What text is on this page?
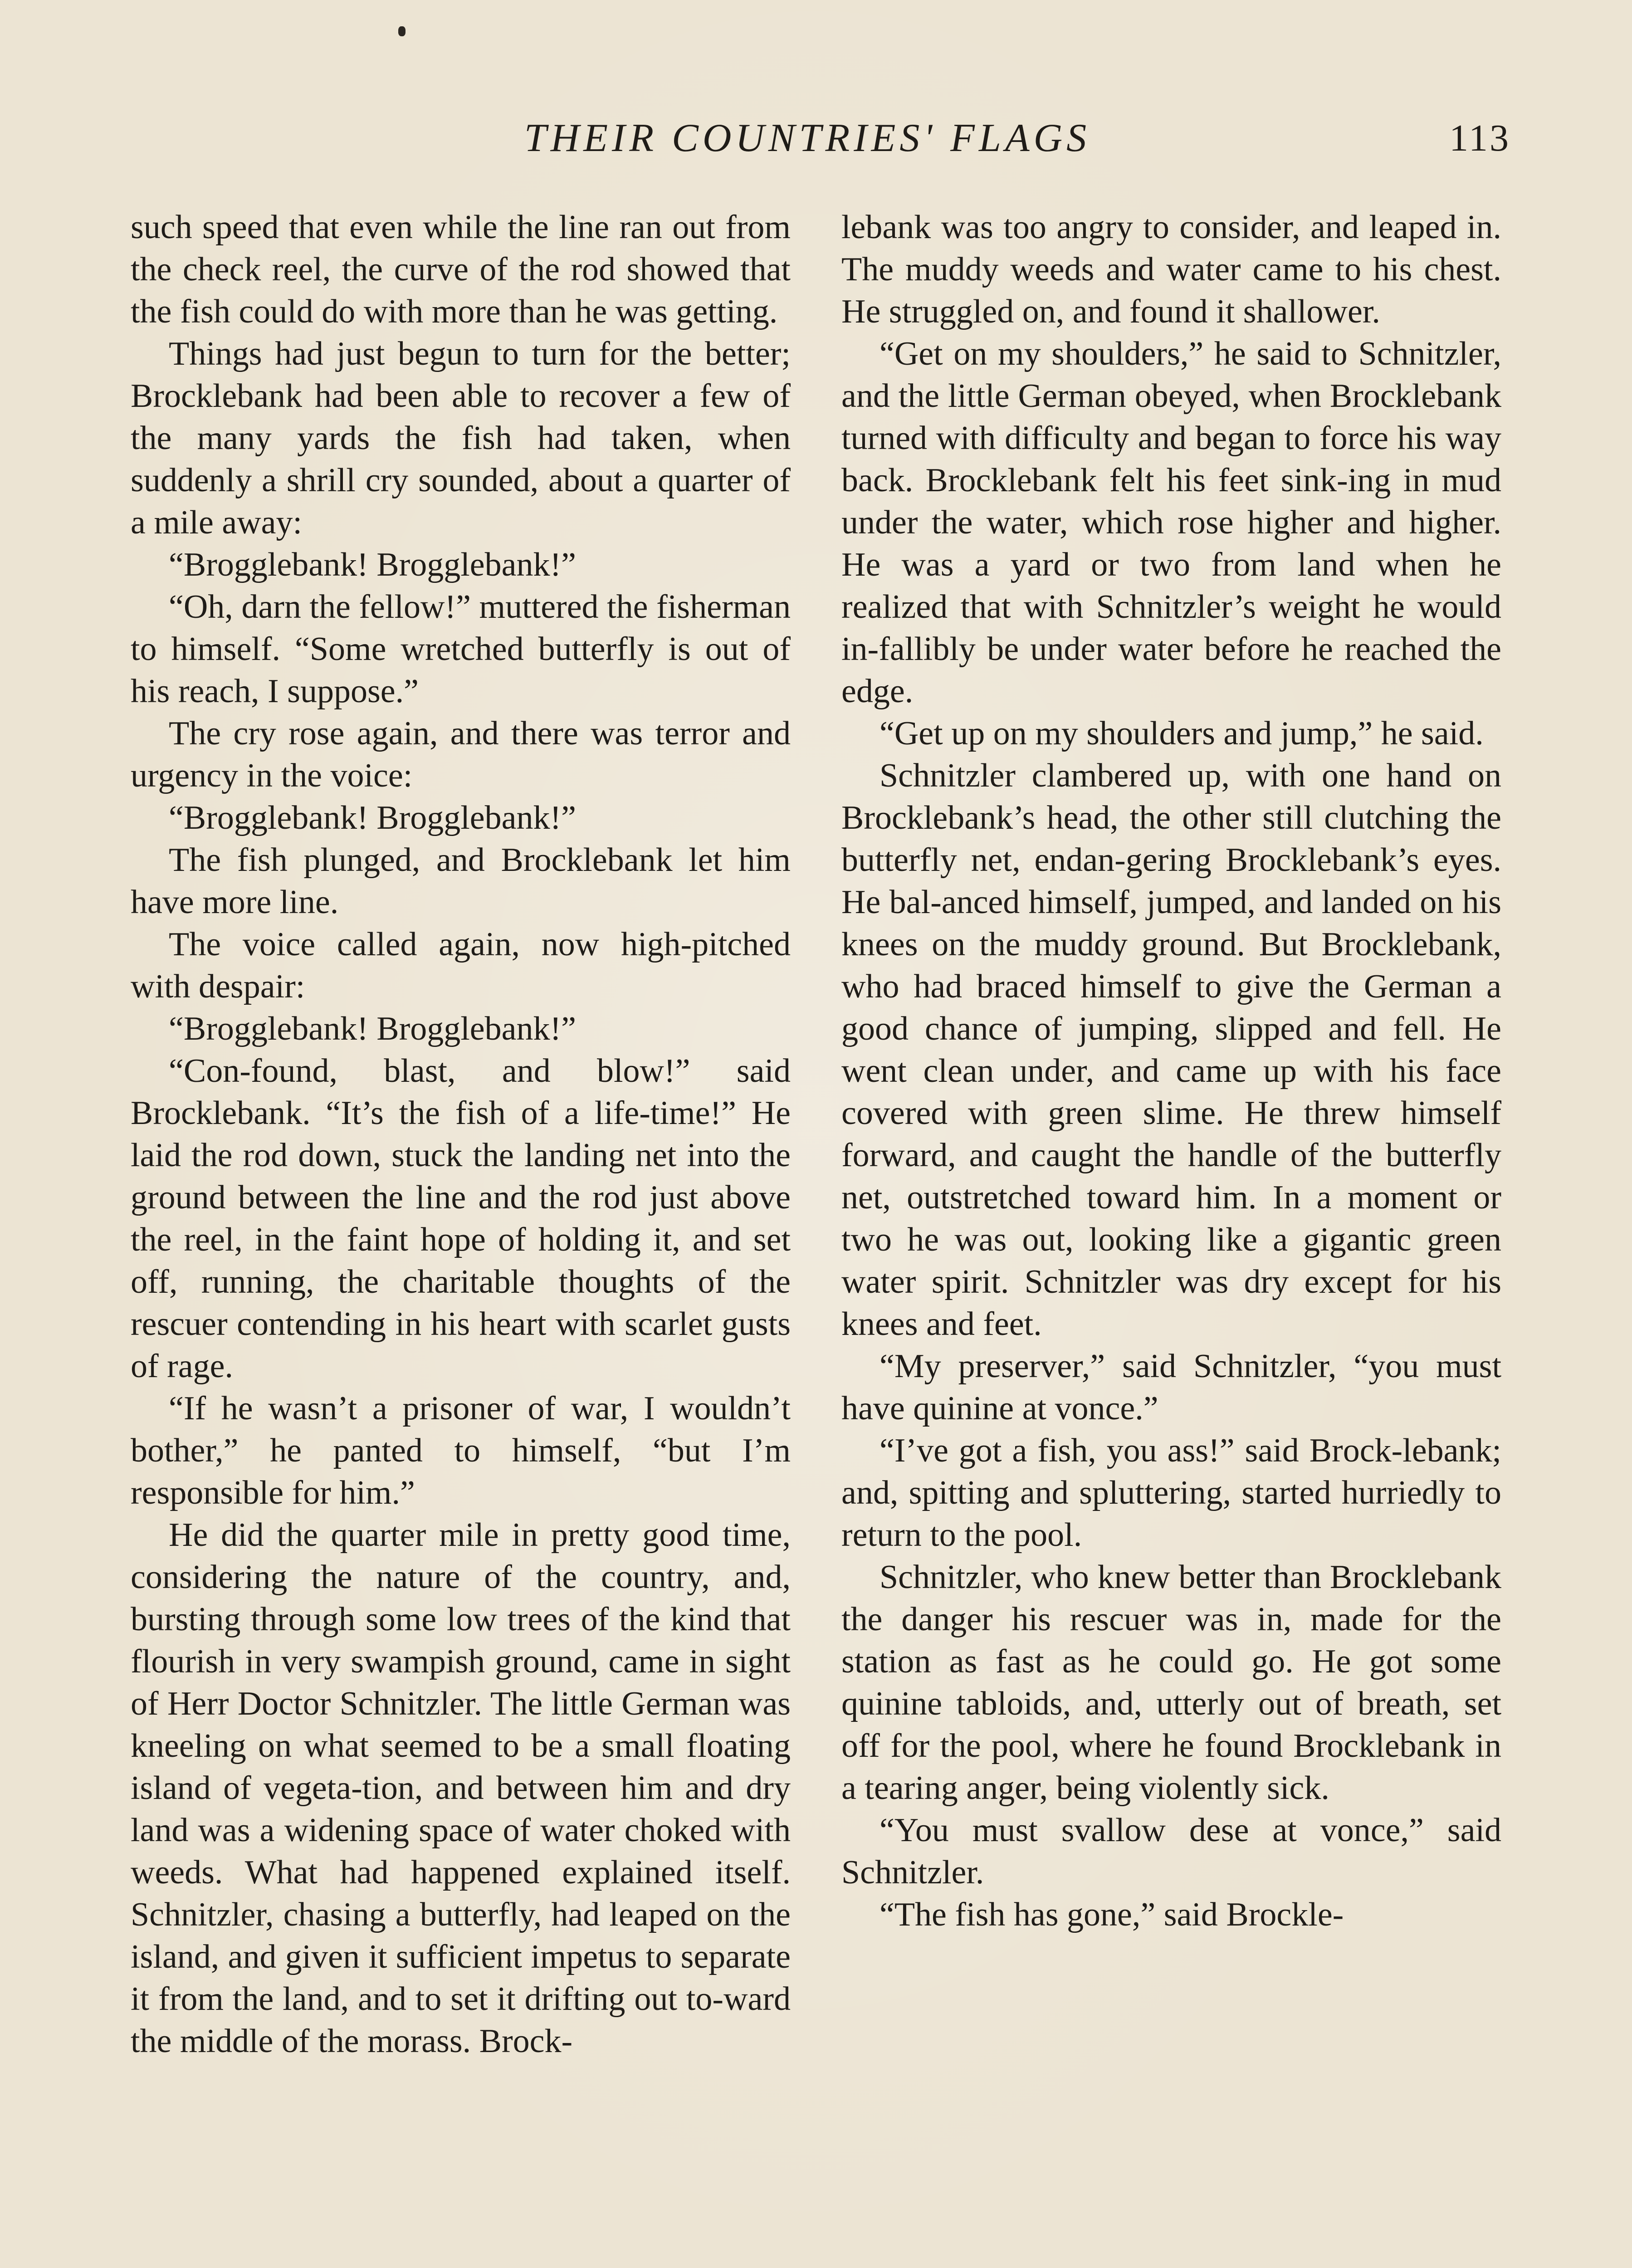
THEIR COUNTRIES' FLAGS	113

such speed that even while the line ran out from the check reel, the curve of the rod showed that the fish could do with more than he was getting.

Things had just begun to turn for the better; Brocklebank had been able to recover a few of the many yards the fish had taken, when suddenly a shrill cry sounded, about a quarter of a mile away:

“Brogglebank! Brogglebank!”

“Oh, darn the fellow!” muttered the fisherman to himself. “Some wretched butterfly is out of his reach, I suppose.”

The cry rose again, and there was terror and urgency in the voice:

“Brogglebank! Brogglebank!”

The fish plunged, and Brocklebank let him have more line.

The voice called again, now high-pitched with despair:

“Brogglebank! Brogglebank!”

“Con-found, blast, and blow!” said Brocklebank. “It’s the fish of a life-time!” He laid the rod down, stuck the landing net into the ground between the line and the rod just above the reel, in the faint hope of holding it, and set off, running, the charitable thoughts of the rescuer contending in his heart with scarlet gusts of rage.

“If he wasn’t a prisoner of war, I wouldn’t bother,” he panted to himself, “but I’m responsible for him.”

He did the quarter mile in pretty good time, considering the nature of the country, and, bursting through some low trees of the kind that flourish in very swampish ground, came in sight of Herr Doctor Schnitzler. The little German was kneeling on what seemed to be a small floating island of vegeta-tion, and between him and dry land was a widening space of water choked with weeds. What had happened explained itself. Schnitzler, chasing a butterfly, had leaped on the island, and given it sufficient impetus to separate it from the land, and to set it drifting out to-ward the middle of the morass. Brock-

lebank was too angry to consider, and leaped in. The muddy weeds and water came to his chest. He struggled on, and found it shallower.

“Get on my shoulders,” he said to Schnitzler, and the little German obeyed, when Brocklebank turned with difficulty and began to force his way back. Brocklebank felt his feet sink-ing in mud under the water, which rose higher and higher. He was a yard or two from land when he realized that with Schnitzler’s weight he would in-fallibly be under water before he reached the edge.

“Get up on my shoulders and jump,” he said.

Schnitzler clambered up, with one hand on Brocklebank’s head, the other still clutching the butterfly net, endan-gering Brocklebank’s eyes. He bal-anced himself, jumped, and landed on his knees on the muddy ground. But Brocklebank, who had braced himself to give the German a good chance of jumping, slipped and fell. He went clean under, and came up with his face covered with green slime. He threw himself forward, and caught the handle of the butterfly net, outstretched toward him. In a moment or two he was out, looking like a gigantic green water spirit. Schnitzler was dry except for his knees and feet.

“My preserver,” said Schnitzler, “you must have quinine at vonce.”

“I’ve got a fish, you ass!” said Brock-lebank; and, spitting and spluttering, started hurriedly to return to the pool.

Schnitzler, who knew better than Brocklebank the danger his rescuer was in, made for the station as fast as he could go. He got some quinine tabloids, and, utterly out of breath, set off for the pool, where he found Brocklebank in a tearing anger, being violently sick.

“You must svallow dese at vonce,” said Schnitzler.

“The fish has gone,” said Brockle-
